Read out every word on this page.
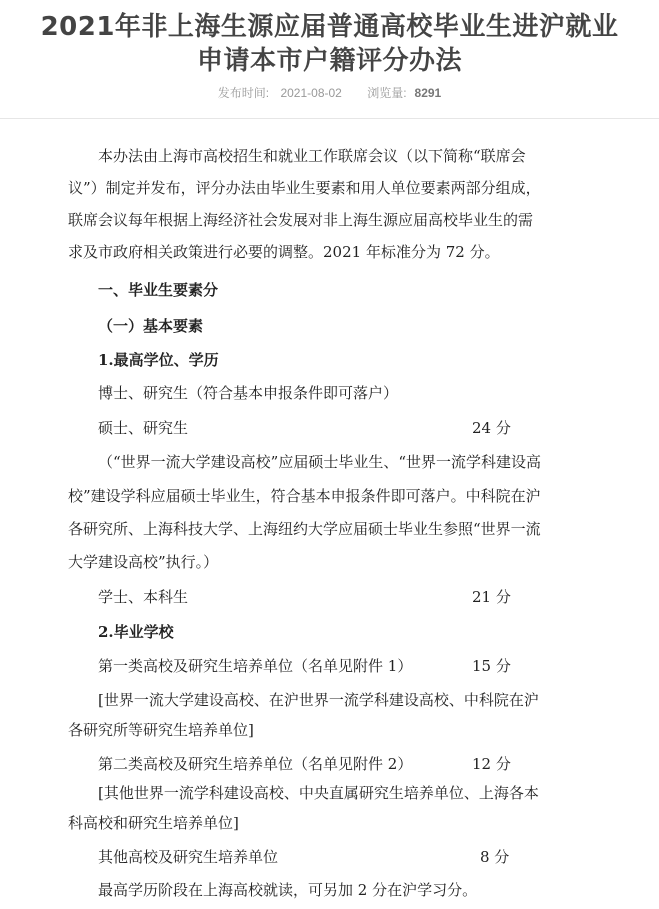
2021年非上海生源应届普通高校毕业生进沪就业
申请本市户籍评分办法
发布时间: 2021-08-02 浏览量: 8291
本办法由上海市高校招生和就业工作联席会议（以下简称“联席会
议”）制定并发布，评分办法由毕业生要素和用人单位要素两部分组成，
联席会议每年根据上海经济社会发展对非上海生源应届高校毕业生的需
求及市政府相关政策进行必要的调整。2021 年标准分为 72 分。
一、毕业生要素分
（一）基本要素
1.最高学位、学历
博士、研究生（符合基本申报条件即可落户）
硕士、研究生	24 分
（“世界一流大学建设高校”应届硕士毕业生、“世界一流学科建设高
校”建设学科应届硕士毕业生，符合基本申报条件即可落户。中科院在沪
各研究所、上海科技大学、上海纽约大学应届硕士毕业生参照“世界一流
大学建设高校”执行。）
学士、本科生	21 分
2.毕业学校
第一类高校及研究生培养单位（名单见附件 1）	15 分
[世界一流大学建设高校、在沪世界一流学科建设高校、中科院在沪
各研究所等研究生培养单位]
第二类高校及研究生培养单位（名单见附件 2）	12 分
[其他世界一流学科建设高校、中央直属研究生培养单位、上海各本
科高校和研究生培养单位]
其他高校及研究生培养单位	8 分
最高学历阶段在上海高校就读，可另加 2 分在沪学习分。
